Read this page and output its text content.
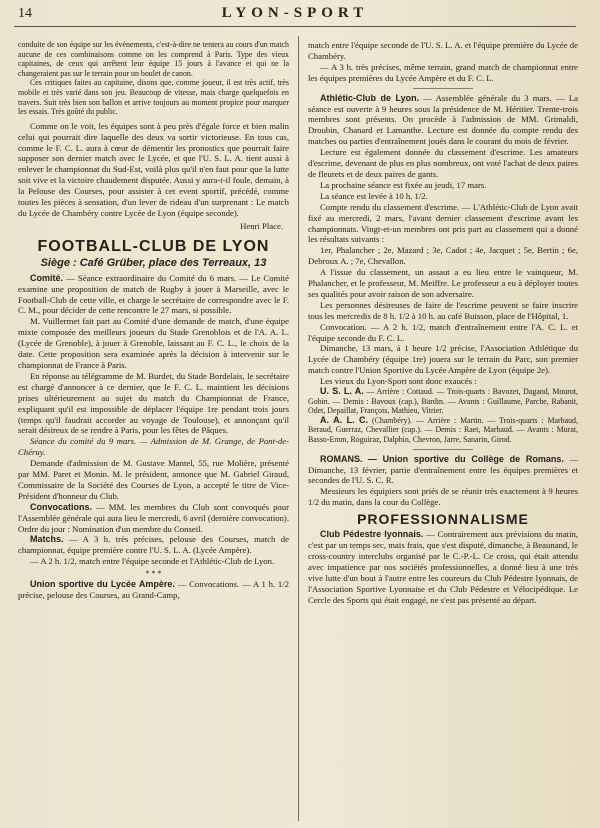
14	LYON-SPORT

conduite de son équipe sur les événements, c'est-à-dire ne tentera au cours d'un match aucune de ces combinaisons comme on les comprend à Paris. Type des vieux capitaines, de ceux qui arrêtent leur équipe 15 jours à l'avance et qui ne la changeraient pas sur le terrain pour un boulet de canon.

Ces critiques faites au capitaine, disons que, comme joueur, il est très actif, très mobile et très varié dans son jeu. Beaucoup de vitesse, mais charge quelquefois en travers. Suit très bien son ballon et arrive toujours au moment propice pour marquer les essais. Très goûté du public.

Comme on le voit, les équipes sont à peu près d'égale force et bien malin celui qui pourrait dire laquelle des deux va sortir victorieuse. En tous cas, comme le F. C. L. aura à cœur de démentir les pronostics que pourrait faire supposer son dernier match avec le Lycée, et que l'U. S. L. A. tient aussi à enlever le championnat du Sud-Est, voilà plus qu'il n'en faut pour que la lutte soit vive et la victoire chaudement disputée. Aussi y aura-t-il foule, demain, à la Pelouse des Courses, pour assister à cet event sportif, précédé, comme toutes les pièces à sensation, d'un lever de rideau d'un surprenant : Le match du Lycée de Chambéry contre Lycée de Lyon (équipe seconde).

Henri Place.
FOOTBALL-CLUB DE LYON
Siège : Café Grüber, place des Terreaux, 13

Comité. — Séance extraordinaire du Comité du 6 mars. — Le Comité examine une proposition de match de Rugby à jouer à Marseille, avec le Football-Club de cette ville, et charge le secrétaire de correspondre avec le F. C. M., pour décider de cette rencontre le 27 mars, si possible.

M. Vuillermet fait part au Comité d'une demande de match, d'une équipe mixte composée des meilleurs joueurs du Stade Grenoblois et de l'A. A. L. (Lycée de Grenoble), à jouer à Grenoble, laissant au F. C. L., le choix de la date. Cette proposition sera examinée après la décision à intervenir sur le championnat de France à Paris.

En réponse au télégramme de M. Burdet, du Stade Bordelais, le secrétaire est chargé d'annoncer à ce dernier, que le F. C. L. maintient les décisions prises ultérieurement au sujet du match du Championnat de France, expliquant qu'il est impossible de déplacer l'équipe 1re pendant trois jours (temps qu'il faudrait accorder au voyage de Toulouse), et annonçant qu'il serait désireux de se rendre à Paris, pour les fêtes de Pâques.

Séance du comité du 9 mars. — Admission de M. Grange, de Pont-de-Chéruy.

Demande d'admission de M. Gustave Mantel, 55, rue Molière, présenté par MM. Paret et Monin. M. le président, annonce que M. Gabriel Giraud, Commissaire de la Société des Courses de Lyon, a accepté le titre de Vice-Président d'honneur du Club.

Convocations. — MM. les membres du Club sont convoqués pour l'Assemblée générale qui aura lieu le mercredi, 6 avril (dernière convocation). Ordre du jour : Nomination d'un membre du Conseil.

Matchs. — A 3 h. très précises, pelouse des Courses, match de championnat, équipe première contre l'U. S. L. A. (Lycée Ampère).

— A 2 h. 1/2, match entre l'équipe seconde et l'Athlétic-Club de Lyon.

* * *

Union sportive du Lycée Ampère. — Convocations. — A 1 h. 1/2 précise, pelouse des Courses, au Grand-Camp,

match entre l'équipe seconde de l'U. S. L. A. et l'équipe première du Lycée de Chambéry.

— A 3 h. très précises, même terrain, grand match de championnat entre les équipes premières du Lycée Ampère et du F. C. L.

Athlétic-Club de Lyon. — Assemblée générale du 3 mars. — La séance est ouverte à 9 heures sous la présidence de M. Héritier. Trente-trois membres sont présents. On procède à l'admission de MM. Grimaldi, Droubin, Chanard et Lamanthe. Lecture est donnée du compte rendu des matches ou parties d'entraînement joués dans le courant du mois de février.

Lecture est également donnée du classement d'escrime. Les amateurs d'escrime, devenant de plus en plus nombreux, ont voté l'achat de deux paires de fleurets et de deux paires de gants.

La prochaine séance est fixée au jeudi, 17 mars.

La séance est levée à 10 h. 1/2.

Compte rendu du classement d'escrime. — L'Athlétic-Club de Lyon avait fixé au mercredi, 2 mars, l'avant dernier classement d'escrime avant les championnats. Vingt-et-un membres ont pris part au classement qui a donné les résultats suivants :

1er, Phalancher ; 2e, Mazard ; 3e, Cadot ; 4e, Jacquet ; 5e, Bertin ; 6e, Debroux A. ; 7e, Chevallon.

A l'issue du classement, un assaut a eu lieu entre le vainqueur, M. Phalancher, et le professeur, M. Meiffre. Le professeur a eu à déployer toutes ses qualités pour avoir raison de son adversaire.

Les personnes désireuses de faire de l'escrime peuvent se faire inscrire tous les mercredis de 8 h. 1/2 à 10 h. au café Buisson, place de l'Hôpital, 1.

Convocation. — A 2 h. 1/2, match d'entraînement entre l'A. C. L. et l'équipe seconde du F. C. L.

Dimanche, 13 mars, à 1 heure 1/2 précise, l'Association Athlétique du Lycée de Chambéry (équipe 1re) jouera sur le terrain du Parc, son premier match contre l'Union Sportive du Lycée Ampère de Lyon (équipe 2e).

Les vieux du Lyon-Sport sont donc exaucés :

U. S. L. A. — Arrière : Cottaud. — Trois-quarts : Bavozet, Dagand, Mourot, Gobin. — Demis : Bavoux (cap.), Bardin. — Avants : Guillaume, Parche, Rabanit, Odet, Depaillat, François, Mathieu, Vitrier.

A. A. L. C. (Chambéry). — Arrière : Martin. — Trois-quarts : Marbaud, Beraud, Guerraz, Chevallier (cap.). — Demis : Raet, Marbaud. — Avants : Murat, Basso-Emm, Roguiraz, Dalphin, Chevron, Jarre, Sanarin, Girod.

ROMANS. — Union sportive du Collège de Romans. — Dimanche, 13 février, partie d'entraînement entre les équipes premières et secondes de l'U. S. C. R.

Messieurs les équipiers sont priés de se réunir très exactement à 9 heures 1/2 du matin, dans la cour du Collège.

PROFESSIONNALISME

Club Pédestre lyonnais. — Contrairement aux prévisions du matin, c'est par un temps sec, mais frais, que s'est disputé, dimanche, à Beaunand, le cross-country interclubs organisé par le C.-P.-L. Ce cross, qui était attendu avec impatience par nos sociétés professionnelles, a donné lieu à une très vive lutte d'un bout à l'autre entre les coureurs du Club Pédestre lyonnais, de l'Association Sportive Lyonnaise et du Club Pédestre et Vélocipédique. Le Cercle des Sports qui était engagé, ne s'est pas présenté au départ.
